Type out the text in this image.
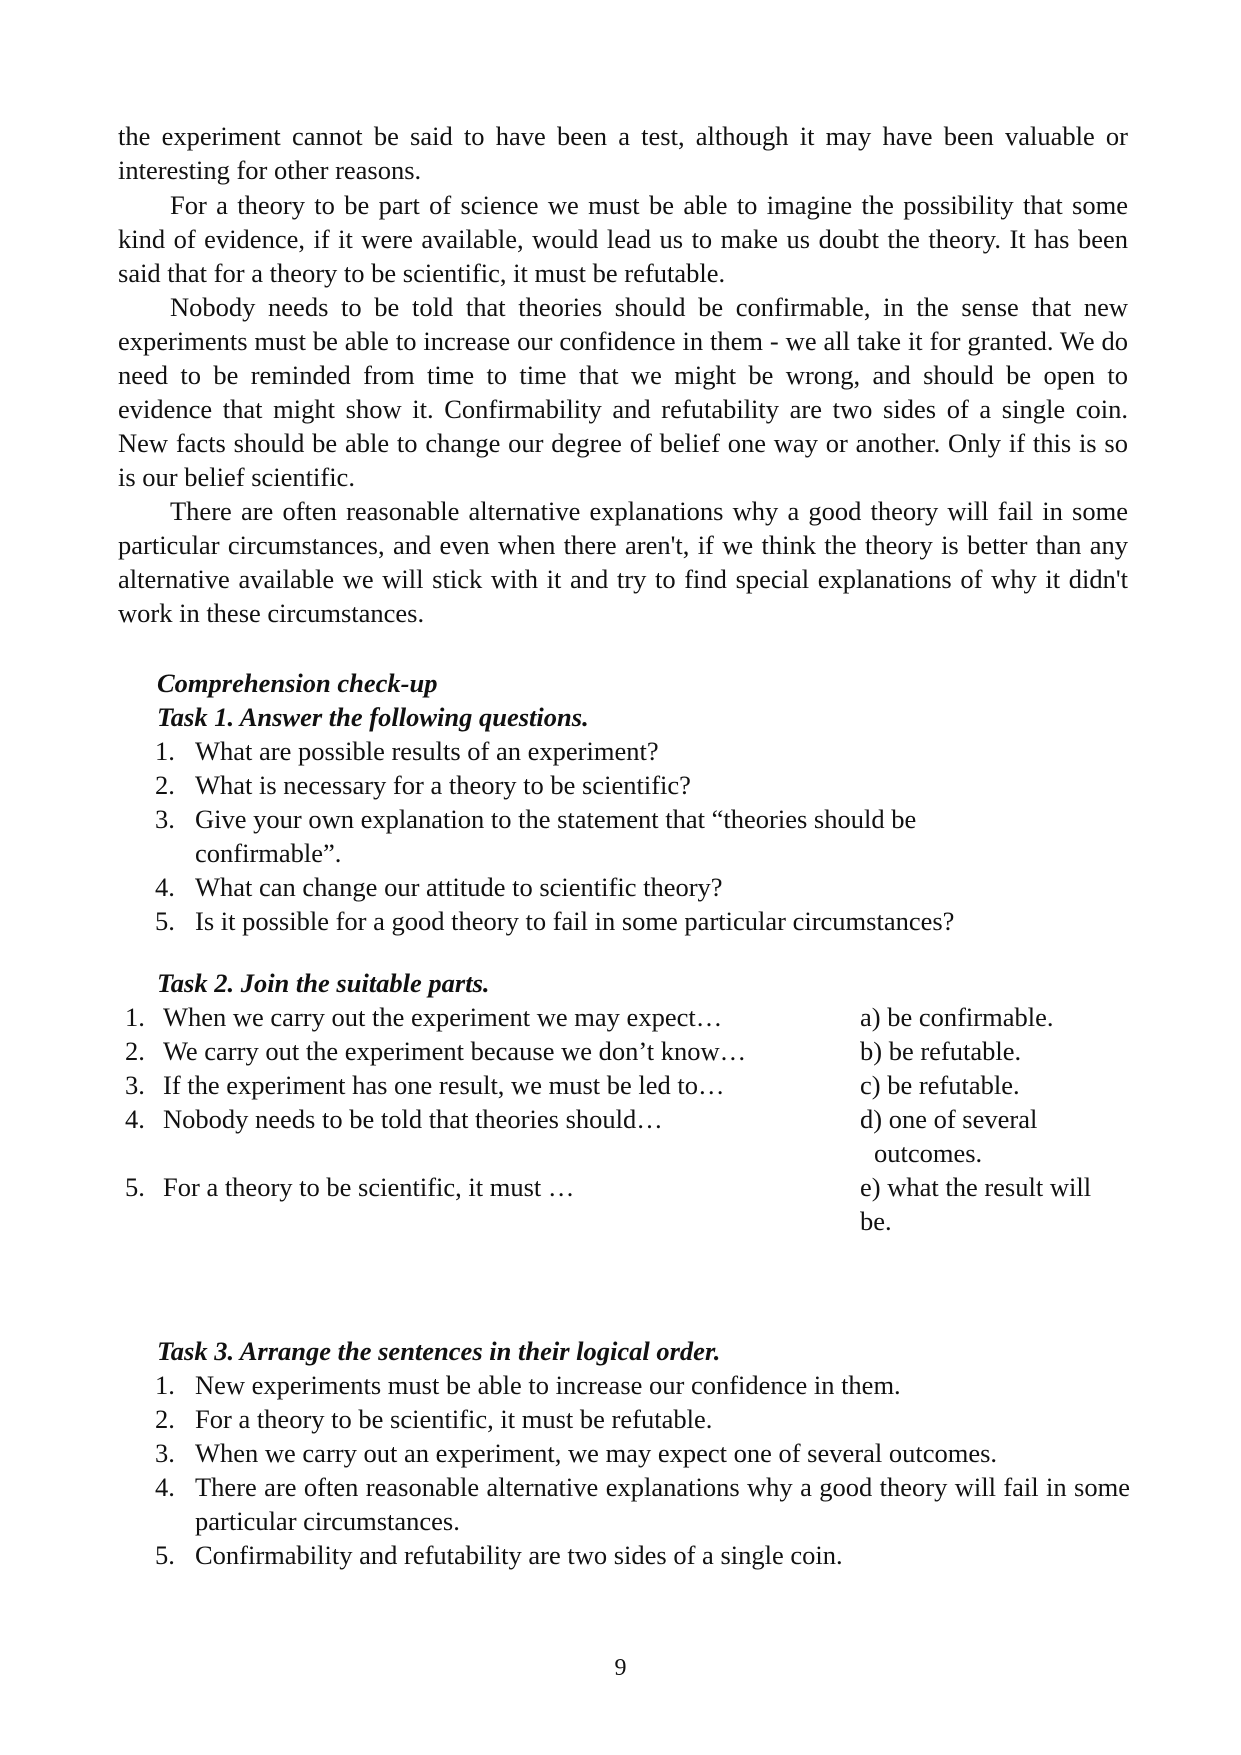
the experiment cannot be said to have been a test, although it may have been valuable or interesting for other reasons.

For a theory to be part of science we must be able to imagine the possibility that some kind of evidence, if it were available, would lead us to make us doubt the theory. It has been said that for a theory to be scientific, it must be refutable.

Nobody needs to be told that theories should be confirmable, in the sense that new experiments must be able to increase our confidence in them - we all take it for granted. We do need to be reminded from time to time that we might be wrong, and should be open to evidence that might show it. Confirmability and refutability are two sides of a single coin. New facts should be able to change our degree of belief one way or another. Only if this is so is our belief scientific.

There are often reasonable alternative explanations why a good theory will fail in some particular circumstances, and even when there aren't, if we think the theory is better than any alternative available we will stick with it and try to find special explanations of why it didn't work in these circumstances.

Comprehension check-up

Task 1. Answer the following questions.

1. What are possible results of an experiment?
2. What is necessary for a theory to be scientific?
3. Give your own explanation to the statement that “theories should be confirmable”.
4. What can change our attitude to scientific theory?
5. Is it possible for a good theory to fail in some particular circumstances?

Task 2. Join the suitable parts.

1. When we carry out the experiment we may expect…	a) be confirmable.
2. We carry out the experiment because we don’t know…	b) be refutable.
3. If the experiment has one result, we must be led to…	c) be refutable.
4. Nobody needs to be told that theories should…	d) one of several
outcomes.
5. For a theory to be scientific, it must …	e) what the result will
be.

Task 3. Arrange the sentences in their logical order.

1. New experiments must be able to increase our confidence in them.
2. For a theory to be scientific, it must be refutable.
3. When we carry out an experiment, we may expect one of several outcomes.
4. There are often reasonable alternative explanations why a good theory will fail in some particular circumstances.
5. Confirmability and refutability are two sides of a single coin.
9
